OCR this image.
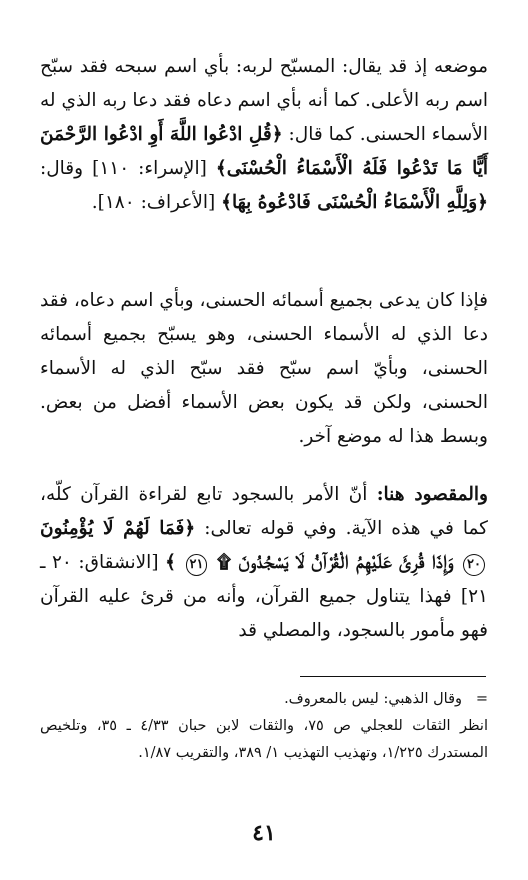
موضعه إذ قد يقال: المسبّح لربه: بأي اسم سبحه فقد سبّح اسم ربه الأعلى. كما أنه بأي اسم دعاه فقد دعا ربه الذي له الأسماء الحسنى. كما قال: ﴿قُلِ ادْعُوا اللَّهَ أَوِ ادْعُوا الرَّحْمَنَ أَيًّا مَا تَدْعُوا فَلَهُ الْأَسْمَاءُ الْحُسْنَى﴾ [الإسراء: ١١٠] وقال: ﴿وَلِلَّهِ الْأَسْمَاءُ الْحُسْنَى فَادْعُوهُ بِهَا﴾ [الأعراف: ١٨٠].
فإذا كان يدعى بجميع أسمائه الحسنى، وبأي اسم دعاه، فقد دعا الذي له الأسماء الحسنى، وهو يسبّح بجميع أسمائه الحسنى، وبأيّ اسم سبّح فقد سبّح الذي له الأسماء الحسنى، ولكن قد يكون بعض الأسماء أفضل من بعض. وبسط هذا له موضع آخر.
والمقصود هنا: أنّ الأمر بالسجود تابع لقراءة القرآن كلّه، كما في هذه الآية. وفي قوله تعالى: ﴿فَمَا لَهُمْ لَا يُؤْمِنُونَ ٢٠ وَإِذَا قُرِئَ عَلَيْهِمُ الْقُرْآنُ لَا يَسْجُدُونَ ۩ ٢١ ﴾ [الانشقاق: ٢٠ ـ ٢١] فهذا يتناول جميع القرآن، وأنه من قرئ عليه القرآن فهو مأمور بالسجود، والمصلي قد
=وقال الذهبي: ليس بالمعروف.
انظر الثقات للعجلي ص ٧٥، والثقات لابن حبان ٤/٣٣ ـ ٣٥، وتلخيص المستدرك ١/٢٢٥، وتهذيب التهذيب ١/ ٣٨٩، والتقريب ١/٨٧.
٤١
